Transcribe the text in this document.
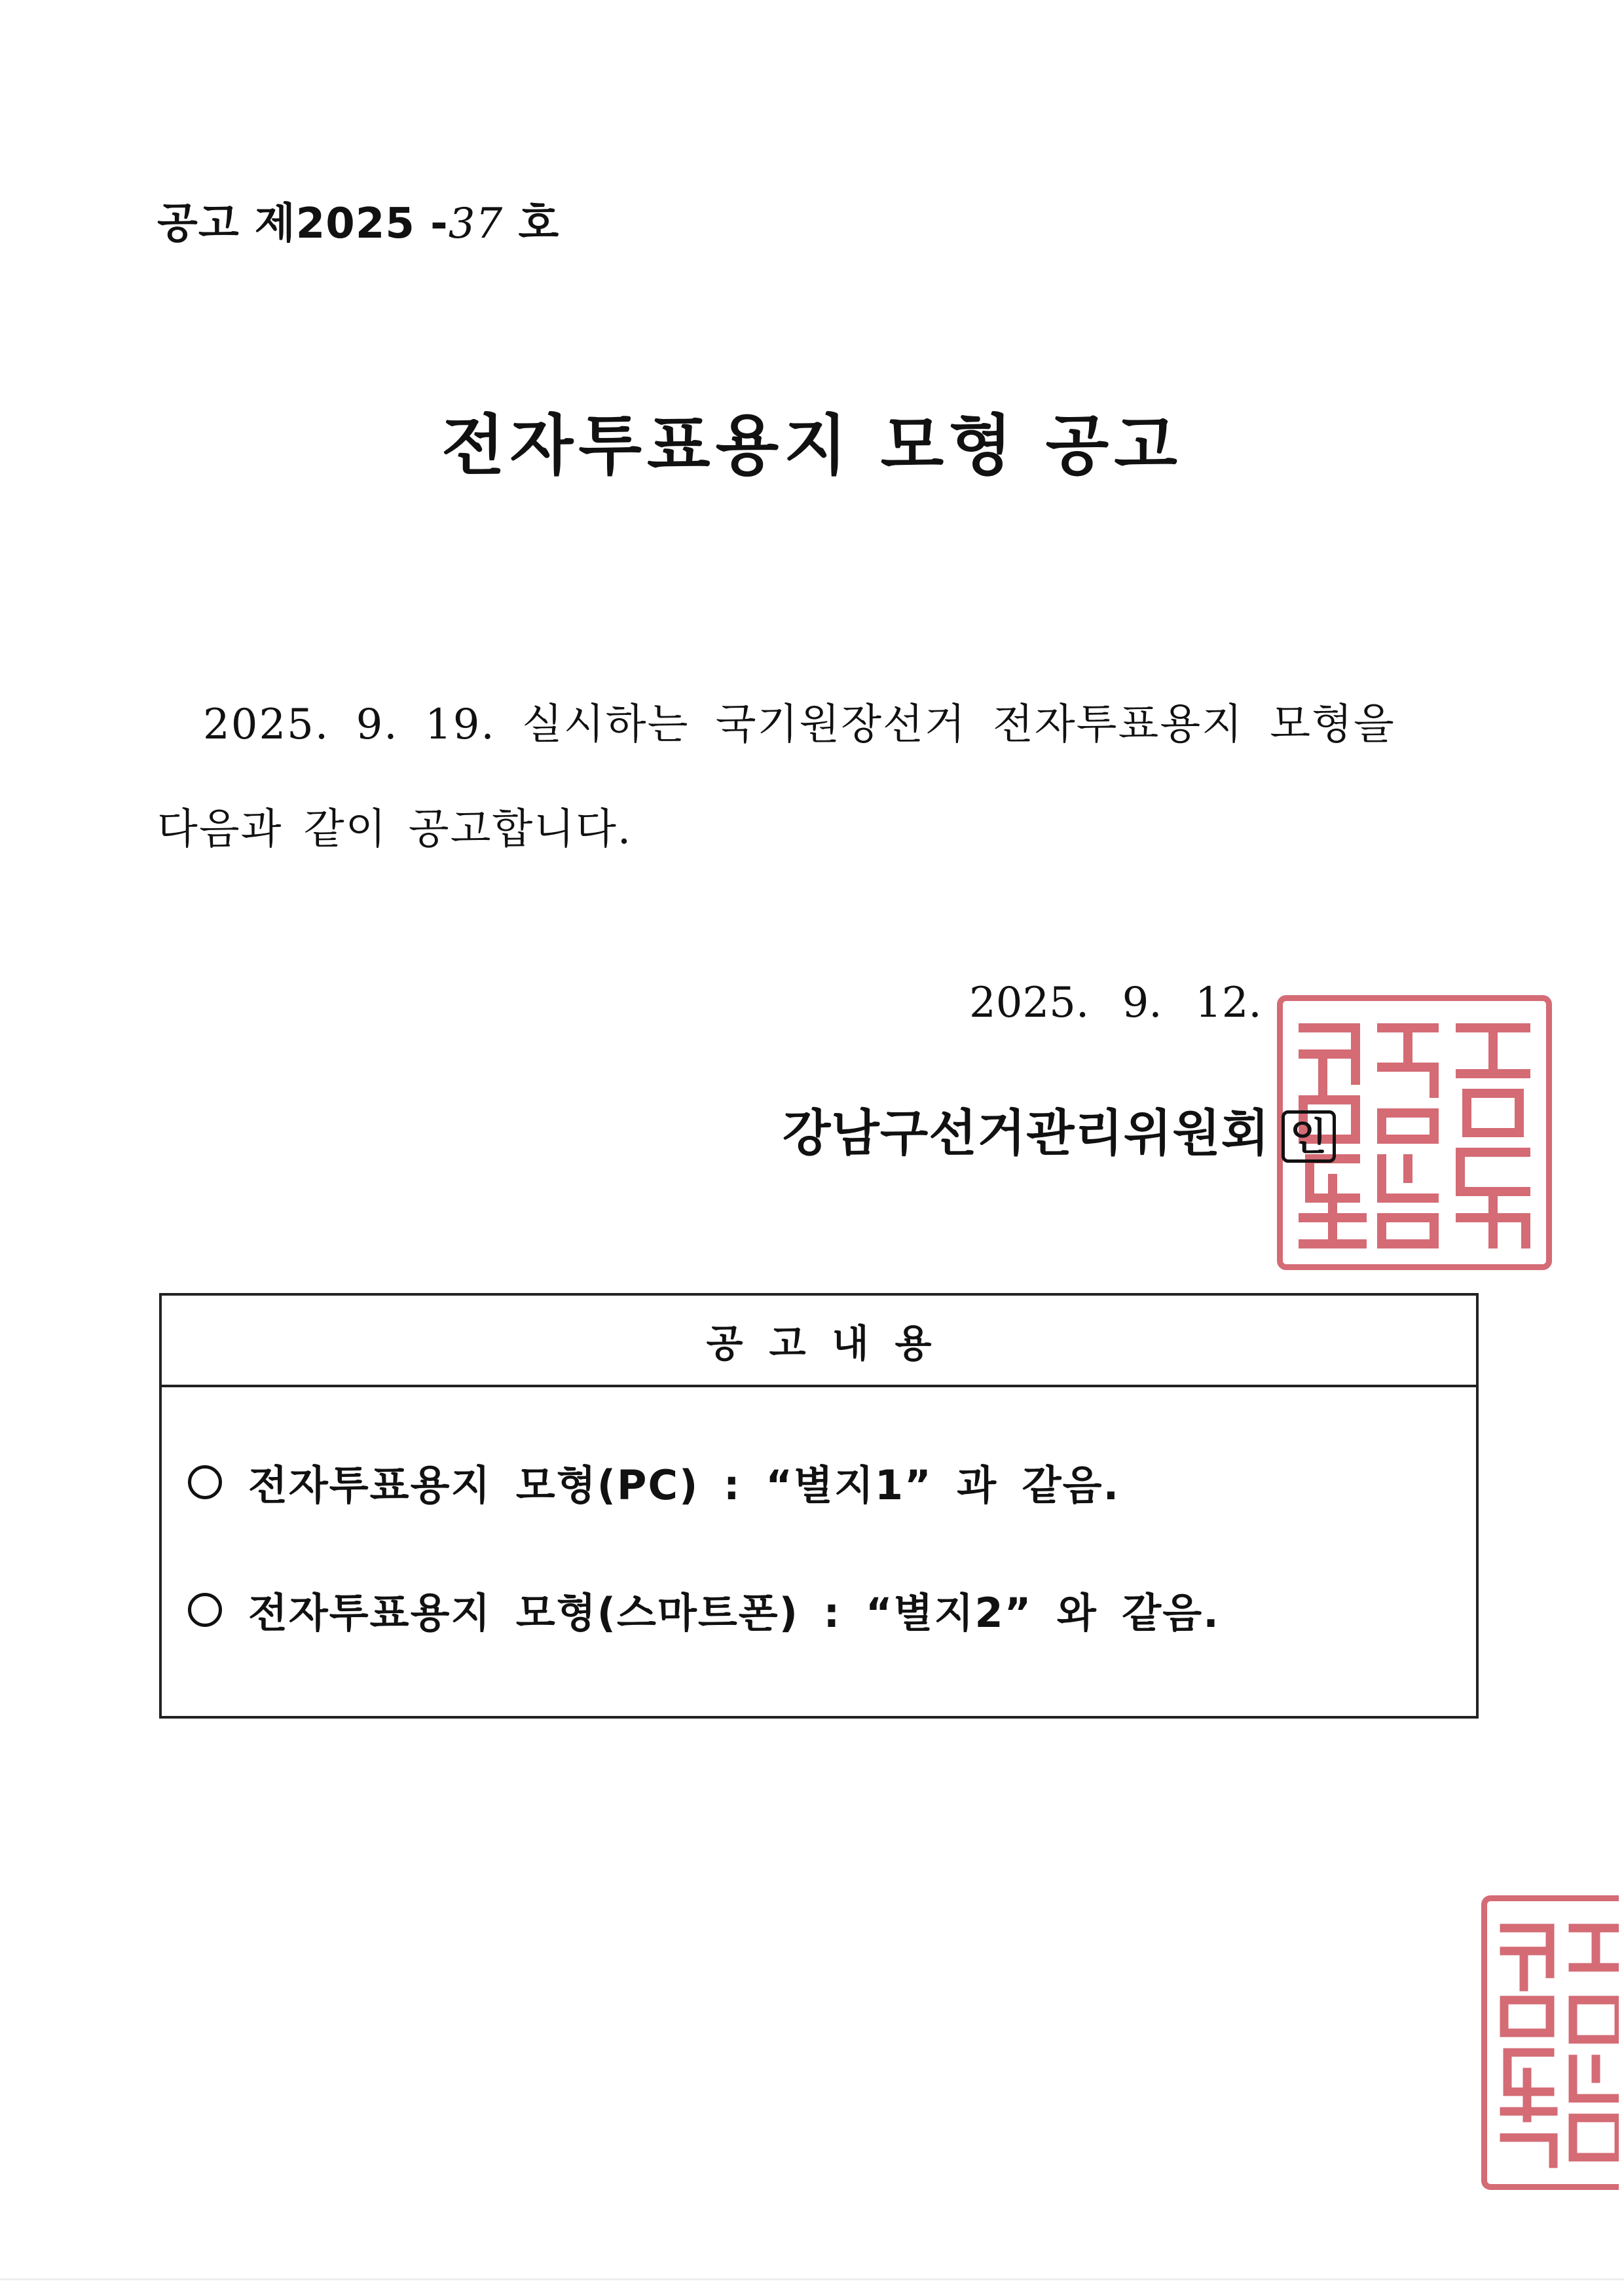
공고 제2025 -37 호
전자투표용지 모형 공고
2025. 9. 19. 실시하는 국기원장선거 전자투표용지 모형을
다음과 같이 공고합니다.
2025. 9. 12.
강남구선거관리위원회 인
공고내용
전자투표용지 모형(PC) : “별지1” 과 같음.
전자투표용지 모형(스마트폰) : “별지2” 와 같음.
